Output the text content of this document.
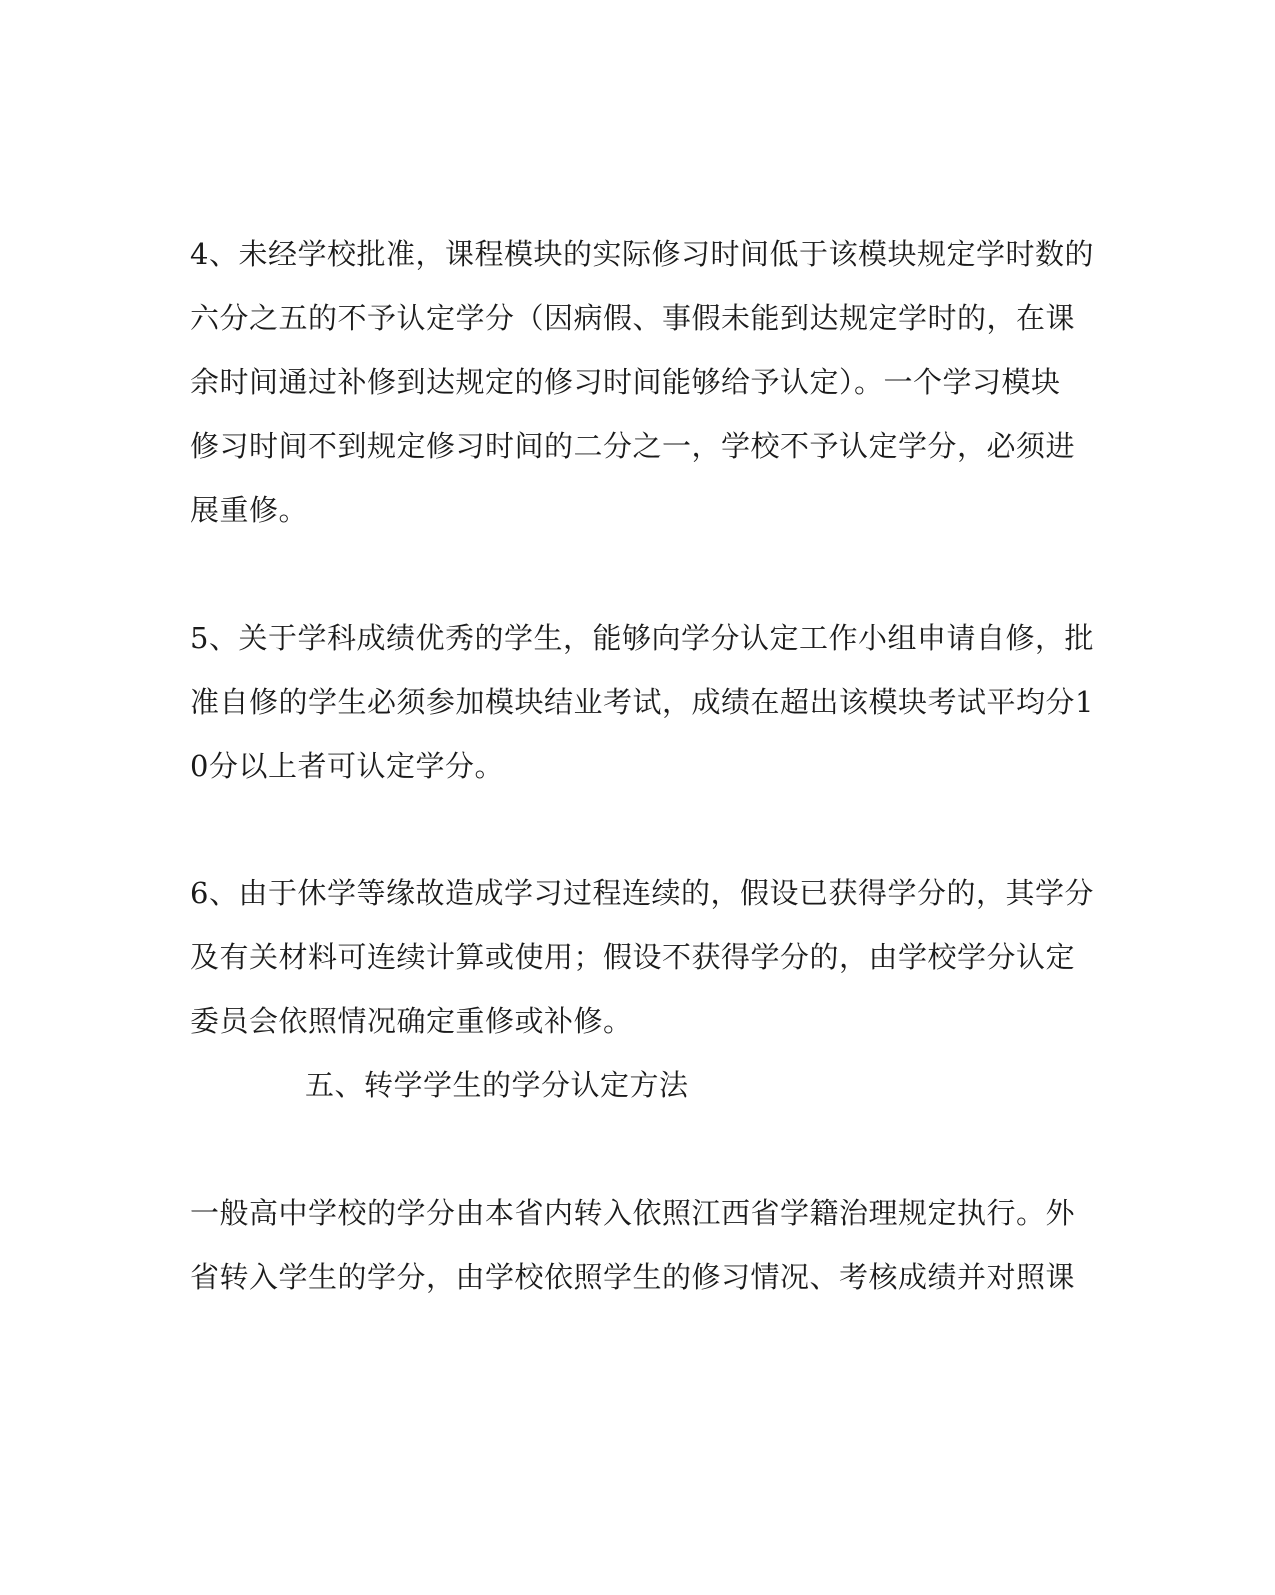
4、未经学校批准，课程模块的实际修习时间低于该模块规定学时数的
六分之五的不予认定学分（因病假、事假未能到达规定学时的，在课
余时间通过补修到达规定的修习时间能够给予认定）。一个学习模块
修习时间不到规定修习时间的二分之一，学校不予认定学分，必须进
展重修。
5、关于学科成绩优秀的学生，能够向学分认定工作小组申请自修，批
准自修的学生必须参加模块结业考试，成绩在超出该模块考试平均分1
0分以上者可认定学分。
6、由于休学等缘故造成学习过程连续的，假设已获得学分的，其学分
及有关材料可连续计算或使用；假设不获得学分的，由学校学分认定
委员会依照情况确定重修或补修。
五、转学学生的学分认定方法
一般高中学校的学分由本省内转入依照江西省学籍治理规定执行。外
省转入学生的学分，由学校依照学生的修习情况、考核成绩并对照课
